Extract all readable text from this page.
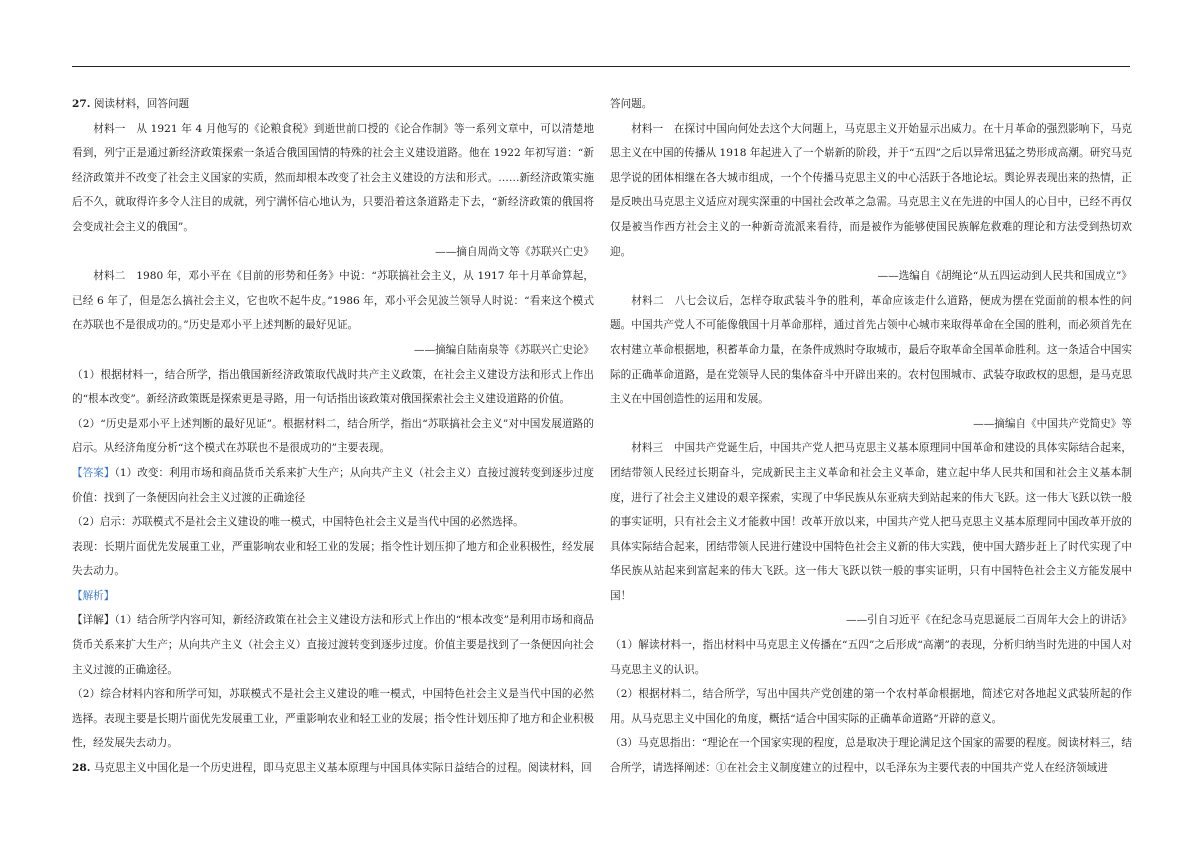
27. 阅读材料，回答问题

材料一　从 1921 年 4 月他写的《论粮食税》到逝世前口授的《论合作制》等一系列文章中，可以清楚地看到，列宁正是通过新经济政策探索一条适合俄国国情的特殊的社会主义建设道路。他在 1922 年初写道：“新经济政策并不改变了社会主义国家的实质，然而却根本改变了社会主义建设的方法和形式。……新经济政策实施后不久，就取得许多令人注目的成就，列宁满怀信心地认为，只要沿着这条道路走下去，“新经济政策的俄国将会变成社会主义的俄国”。

——摘自周尚文等《苏联兴亡史》

材料二　1980 年，邓小平在《目前的形势和任务》中说：“苏联搞社会主义，从 1917 年十月革命算起，已经 6 年了，但是怎么搞社会主义，它也吹不起牛皮。”1986 年，邓小平会见波兰领导人时说：“看来这个模式在苏联也不是很成功的。”历史是邓小平上述判断的最好见证。

——摘编自陆南泉等《苏联兴亡史论》

（1）根据材料一，结合所学，指出俄国新经济政策取代战时共产主义政策，在社会主义建设方法和形式上作出的“根本改变”。新经济政策既是探索更是寻路，用一句话指出该政策对俄国探索社会主义建设道路的价值。

（2）“历史是邓小平上述判断的最好见证”。根据材料二，结合所学，指出“苏联搞社会主义”对中国发展道路的启示。从经济角度分析“这个模式在苏联也不是很成功的”主要表现。

【答案】（1）改变：利用市场和商品货币关系来扩大生产；从向共产主义（社会主义）直接过渡转变到逐步过度价值：找到了一条便因向社会主义过渡的正确途径

（2）启示：苏联模式不是社会主义建设的唯一模式，中国特色社会主义是当代中国的必然选择。

表现：长期片面优先发展重工业，严重影响农业和轻工业的发展；指令性计划压抑了地方和企业积极性，经发展失去动力。

【解析】

【详解】（1）结合所学内容可知，新经济政策在社会主义建设方法和形式上作出的“根本改变”是利用市场和商品货币关系来扩大生产；从向共产主义（社会主义）直接过渡转变到逐步过度。价值主要是找到了一条便因向社会主义过渡的正确途径。

（2）综合材料内容和所学可知，苏联模式不是社会主义建设的唯一模式，中国特色社会主义是当代中国的必然选择。表现主要是长期片面优先发展重工业，严重影响农业和轻工业的发展；指令性计划压抑了地方和企业积极性，经发展失去动力。

28. 马克思主义中国化是一个历史进程，即马克思主义基本原理与中国具体实际日益结合的过程。阅读材料，回

答问题。

材料一　在探讨中国向何处去这个大问题上，马克思主义开始显示出威力。在十月革命的强烈影响下，马克思主义在中国的传播从 1918 年起进入了一个崭新的阶段，并于“五四”之后以异常迅猛之势形成高潮。研究马克思学说的团体相继在各大城市组成，一个个传播马克思主义的中心活跃于各地论坛。舆论界表现出来的热情，正是反映出马克思主义适应对现实深重的中国社会改革之急需。马克思主义在先进的中国人的心目中，已经不再仅仅是被当作西方社会主义的一种新奇流派来看待，而是被作为能够使国民族解危救难的理论和方法受到热切欢迎。

——选编自《胡绳论“从五四运动到人民共和国成立”》

材料二　八七会议后，怎样夺取武装斗争的胜利，革命应该走什么道路，便成为摆在党面前的根本性的问题。中国共产党人不可能像俄国十月革命那样，通过首先占领中心城市来取得革命在全国的胜利，而必须首先在农村建立革命根据地，积蓄革命力量，在条件成熟时夺取城市，最后夺取革命全国革命胜利。这一条适合中国实际的正确革命道路，是在党领导人民的集体奋斗中开辟出来的。农村包围城市、武装夺取政权的思想，是马克思主义在中国创造性的运用和发展。

——摘编自《中国共产党简史》等

材料三　中国共产党诞生后，中国共产党人把马克思主义基本原理同中国革命和建设的具体实际结合起来，团结带领人民经过长期奋斗，完成新民主主义革命和社会主义革命，建立起中华人民共和国和社会主义基本制度，进行了社会主义建设的艰辛探索，实现了中华民族从东亚病夫到站起来的伟大飞跃。这一伟大飞跃以铁一般的事实证明，只有社会主义才能救中国！改革开放以来，中国共产党人把马克思主义基本原理同中国改革开放的具体实际结合起来，团结带领人民进行建设中国特色社会主义新的伟大实践，使中国大踏步赶上了时代实现了中华民族从站起来到富起来的伟大飞跃。这一伟大飞跃以铁一般的事实证明，只有中国特色社会主义方能发展中国！

——引自习近平《在纪念马克思诞辰二百周年大会上的讲话》

（1）解读材料一，指出材料中马克思主义传播在“五四”之后形成“高潮”的表现，分析归纳当时先进的中国人对马克思主义的认识。

（2）根据材料二，结合所学，写出中国共产党创建的第一个农村革命根据地，简述它对各地起义武装所起的作用。从马克思主义中国化的角度，概括“适合中国实际的正确革命道路”开辟的意义。

（3）马克思指出：“理论在一个国家实现的程度，总是取决于理论满足这个国家的需要的程度。阅读材料三，结合所学，请选择阐述：①在社会主义制度建立的过程中，以毛泽东为主要代表的中国共产党人在经济领域进
